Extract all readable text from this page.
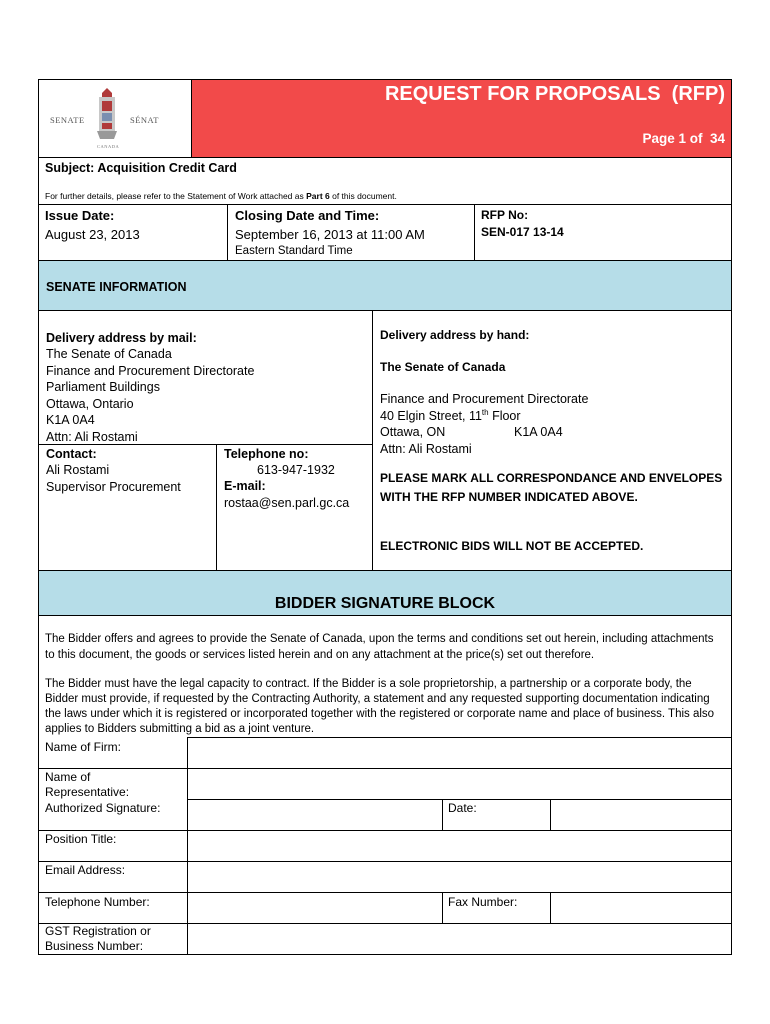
SENATE	SÉNAT
CANADA
REQUEST FOR PROPOSALS  (RFP)
Page 1 of  34
Subject: Acquisition Credit Card
For further details, please refer to the Statement of Work attached as Part 6 of this document.
Issue Date:
August 23, 2013
Closing Date and Time:
September 16, 2013 at 11:00 AM
Eastern Standard Time
RFP No:
SEN-017 13-14
SENATE INFORMATION
Delivery address by mail:
The Senate of Canada
Finance and Procurement Directorate
Parliament Buildings
Ottawa, Ontario
K1A 0A4
Attn: Ali Rostami
Contact:
Ali Rostami
Supervisor Procurement
Telephone no:
613-947-1932
E-mail:
rostaa@sen.parl.gc.ca
Delivery address by hand:
The Senate of Canada
Finance and Procurement Directorate
40 Elgin Street, 11th Floor
Ottawa, ON	K1A 0A4
Attn: Ali Rostami
PLEASE MARK ALL CORRESPONDANCE AND ENVELOPES WITH THE RFP NUMBER INDICATED ABOVE.
ELECTRONIC BIDS WILL NOT BE ACCEPTED.
BIDDER SIGNATURE BLOCK
The Bidder offers and agrees to provide the Senate of Canada, upon the terms and conditions set out herein, including attachments to this document, the goods or services listed herein and on any attachment at the price(s) set out therefore.
The Bidder must have the legal capacity to contract. If the Bidder is a sole proprietorship, a partnership or a corporate body, the Bidder must provide, if requested by the Contracting Authority, a statement and any requested supporting documentation indicating the laws under which it is registered or incorporated together with the registered or corporate name and place of business. This also applies to Bidders submitting a bid as a joint venture.
Name of Firm:
Name of
Representative:
Authorized Signature:	Date:
Position Title:
Email Address:
Telephone Number:	Fax Number:
GST Registration or
Business Number:
